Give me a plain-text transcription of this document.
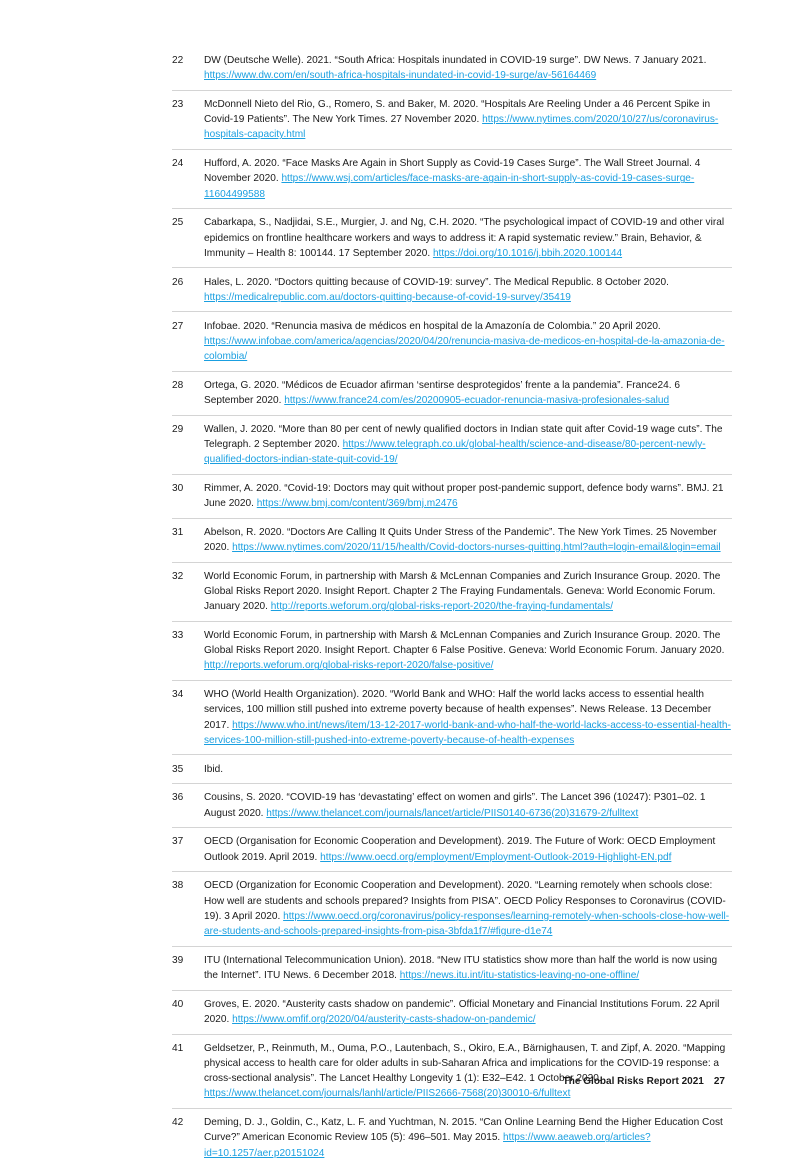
22	DW (Deutsche Welle). 2021. “South Africa: Hospitals inundated in COVID-19 surge”. DW News. 7 January 2021. https://www.dw.com/en/south-africa-hospitals-inundated-in-covid-19-surge/av-56164469
23	McDonnell Nieto del Rio, G., Romero, S. and Baker, M. 2020. “Hospitals Are Reeling Under a 46 Percent Spike in Covid-19 Patients”. The New York Times. 27 November 2020. https://www.nytimes.com/2020/10/27/us/coronavirus-hospitals-capacity.html
24	Hufford, A. 2020. “Face Masks Are Again in Short Supply as Covid-19 Cases Surge”. The Wall Street Journal. 4 November 2020. https://www.wsj.com/articles/face-masks-are-again-in-short-supply-as-covid-19-cases-surge-11604499588
25	Cabarkapa, S., Nadjidai, S.E., Murgier, J. and Ng, C.H. 2020. “The psychological impact of COVID-19 and other viral epidemics on frontline healthcare workers and ways to address it: A rapid systematic review.” Brain, Behavior, & Immunity – Health 8: 100144. 17 September 2020. https://doi.org/10.1016/j.bbih.2020.100144
26	Hales, L. 2020. “Doctors quitting because of COVID-19: survey”. The Medical Republic. 8 October 2020. https://medicalrepublic.com.au/doctors-quitting-because-of-covid-19-survey/35419
27	Infobae. 2020. “Renuncia masiva de médicos en hospital de la Amazonía de Colombia.” 20 April 2020. https://www.infobae.com/america/agencias/2020/04/20/renuncia-masiva-de-medicos-en-hospital-de-la-amazonia-de-colombia/
28	Ortega, G. 2020. “Médicos de Ecuador afirman ‘sentirse desprotegidos’ frente a la pandemia”. France24. 6 September 2020. https://www.france24.com/es/20200905-ecuador-renuncia-masiva-profesionales-salud
29	Wallen, J. 2020. “More than 80 per cent of newly qualified doctors in Indian state quit after Covid-19 wage cuts”. The Telegraph. 2 September 2020. https://www.telegraph.co.uk/global-health/science-and-disease/80-percent-newly-qualified-doctors-indian-state-quit-covid-19/
30	Rimmer, A. 2020. “Covid-19: Doctors may quit without proper post-pandemic support, defence body warns”. BMJ. 21 June 2020. https://www.bmj.com/content/369/bmj.m2476
31	Abelson, R. 2020. “Doctors Are Calling It Quits Under Stress of the Pandemic”. The New York Times. 25 November 2020. https://www.nytimes.com/2020/11/15/health/Covid-doctors-nurses-quitting.html?auth=login-email&login=email
32	World Economic Forum, in partnership with Marsh & McLennan Companies and Zurich Insurance Group. 2020. The Global Risks Report 2020. Insight Report. Chapter 2 The Fraying Fundamentals. Geneva: World Economic Forum. January 2020. http://reports.weforum.org/global-risks-report-2020/the-fraying-fundamentals/
33	World Economic Forum, in partnership with Marsh & McLennan Companies and Zurich Insurance Group. 2020. The Global Risks Report 2020. Insight Report. Chapter 6 False Positive. Geneva: World Economic Forum. January 2020. http://reports.weforum.org/global-risks-report-2020/false-positive/
34	WHO (World Health Organization). 2020. “World Bank and WHO: Half the world lacks access to essential health services, 100 million still pushed into extreme poverty because of health expenses”. News Release. 13 December 2017. https://www.who.int/news/item/13-12-2017-world-bank-and-who-half-the-world-lacks-access-to-essential-health-services-100-million-still-pushed-into-extreme-poverty-because-of-health-expenses
35	Ibid.
36	Cousins, S. 2020. “COVID-19 has ‘devastating’ effect on women and girls”. The Lancet 396 (10247): P301–02. 1 August 2020. https://www.thelancet.com/journals/lancet/article/PIIS0140-6736(20)31679-2/fulltext
37	OECD (Organisation for Economic Cooperation and Development). 2019. The Future of Work: OECD Employment Outlook 2019. April 2019. https://www.oecd.org/employment/Employment-Outlook-2019-Highlight-EN.pdf
38	OECD (Organization for Economic Cooperation and Development). 2020. “Learning remotely when schools close: How well are students and schools prepared? Insights from PISA”. OECD Policy Responses to Coronavirus (COVID-19). 3 April 2020. https://www.oecd.org/coronavirus/policy-responses/learning-remotely-when-schools-close-how-well-are-students-and-schools-prepared-insights-from-pisa-3bfda1f7/#figure-d1e74
39	ITU (International Telecommunication Union). 2018. “New ITU statistics show more than half the world is now using the Internet”. ITU News. 6 December 2018. https://news.itu.int/itu-statistics-leaving-no-one-offline/
40	Groves, E. 2020. “Austerity casts shadow on pandemic”. Official Monetary and Financial Institutions Forum. 22 April 2020. https://www.omfif.org/2020/04/austerity-casts-shadow-on-pandemic/
41	Geldsetzer, P., Reinmuth, M., Ouma, P.O., Lautenbach, S., Okiro, E.A., Bärnighausen, T. and Zipf, A. 2020. “Mapping physical access to health care for older adults in sub-Saharan Africa and implications for the COVID-19 response: a cross-sectional analysis”. The Lancet Healthy Longevity 1 (1): E32–E42. 1 October 2020. https://www.thelancet.com/journals/lanhl/article/PIIS2666-7568(20)30010-6/fulltext
42	Deming, D. J., Goldin, C., Katz, L. F. and Yuchtman, N. 2015. “Can Online Learning Bend the Higher Education Cost Curve?” American Economic Review 105 (5): 496–501. May 2015. https://www.aeaweb.org/articles?id=10.1257/aer.p20151024
The Global Risks Report 2021 27
